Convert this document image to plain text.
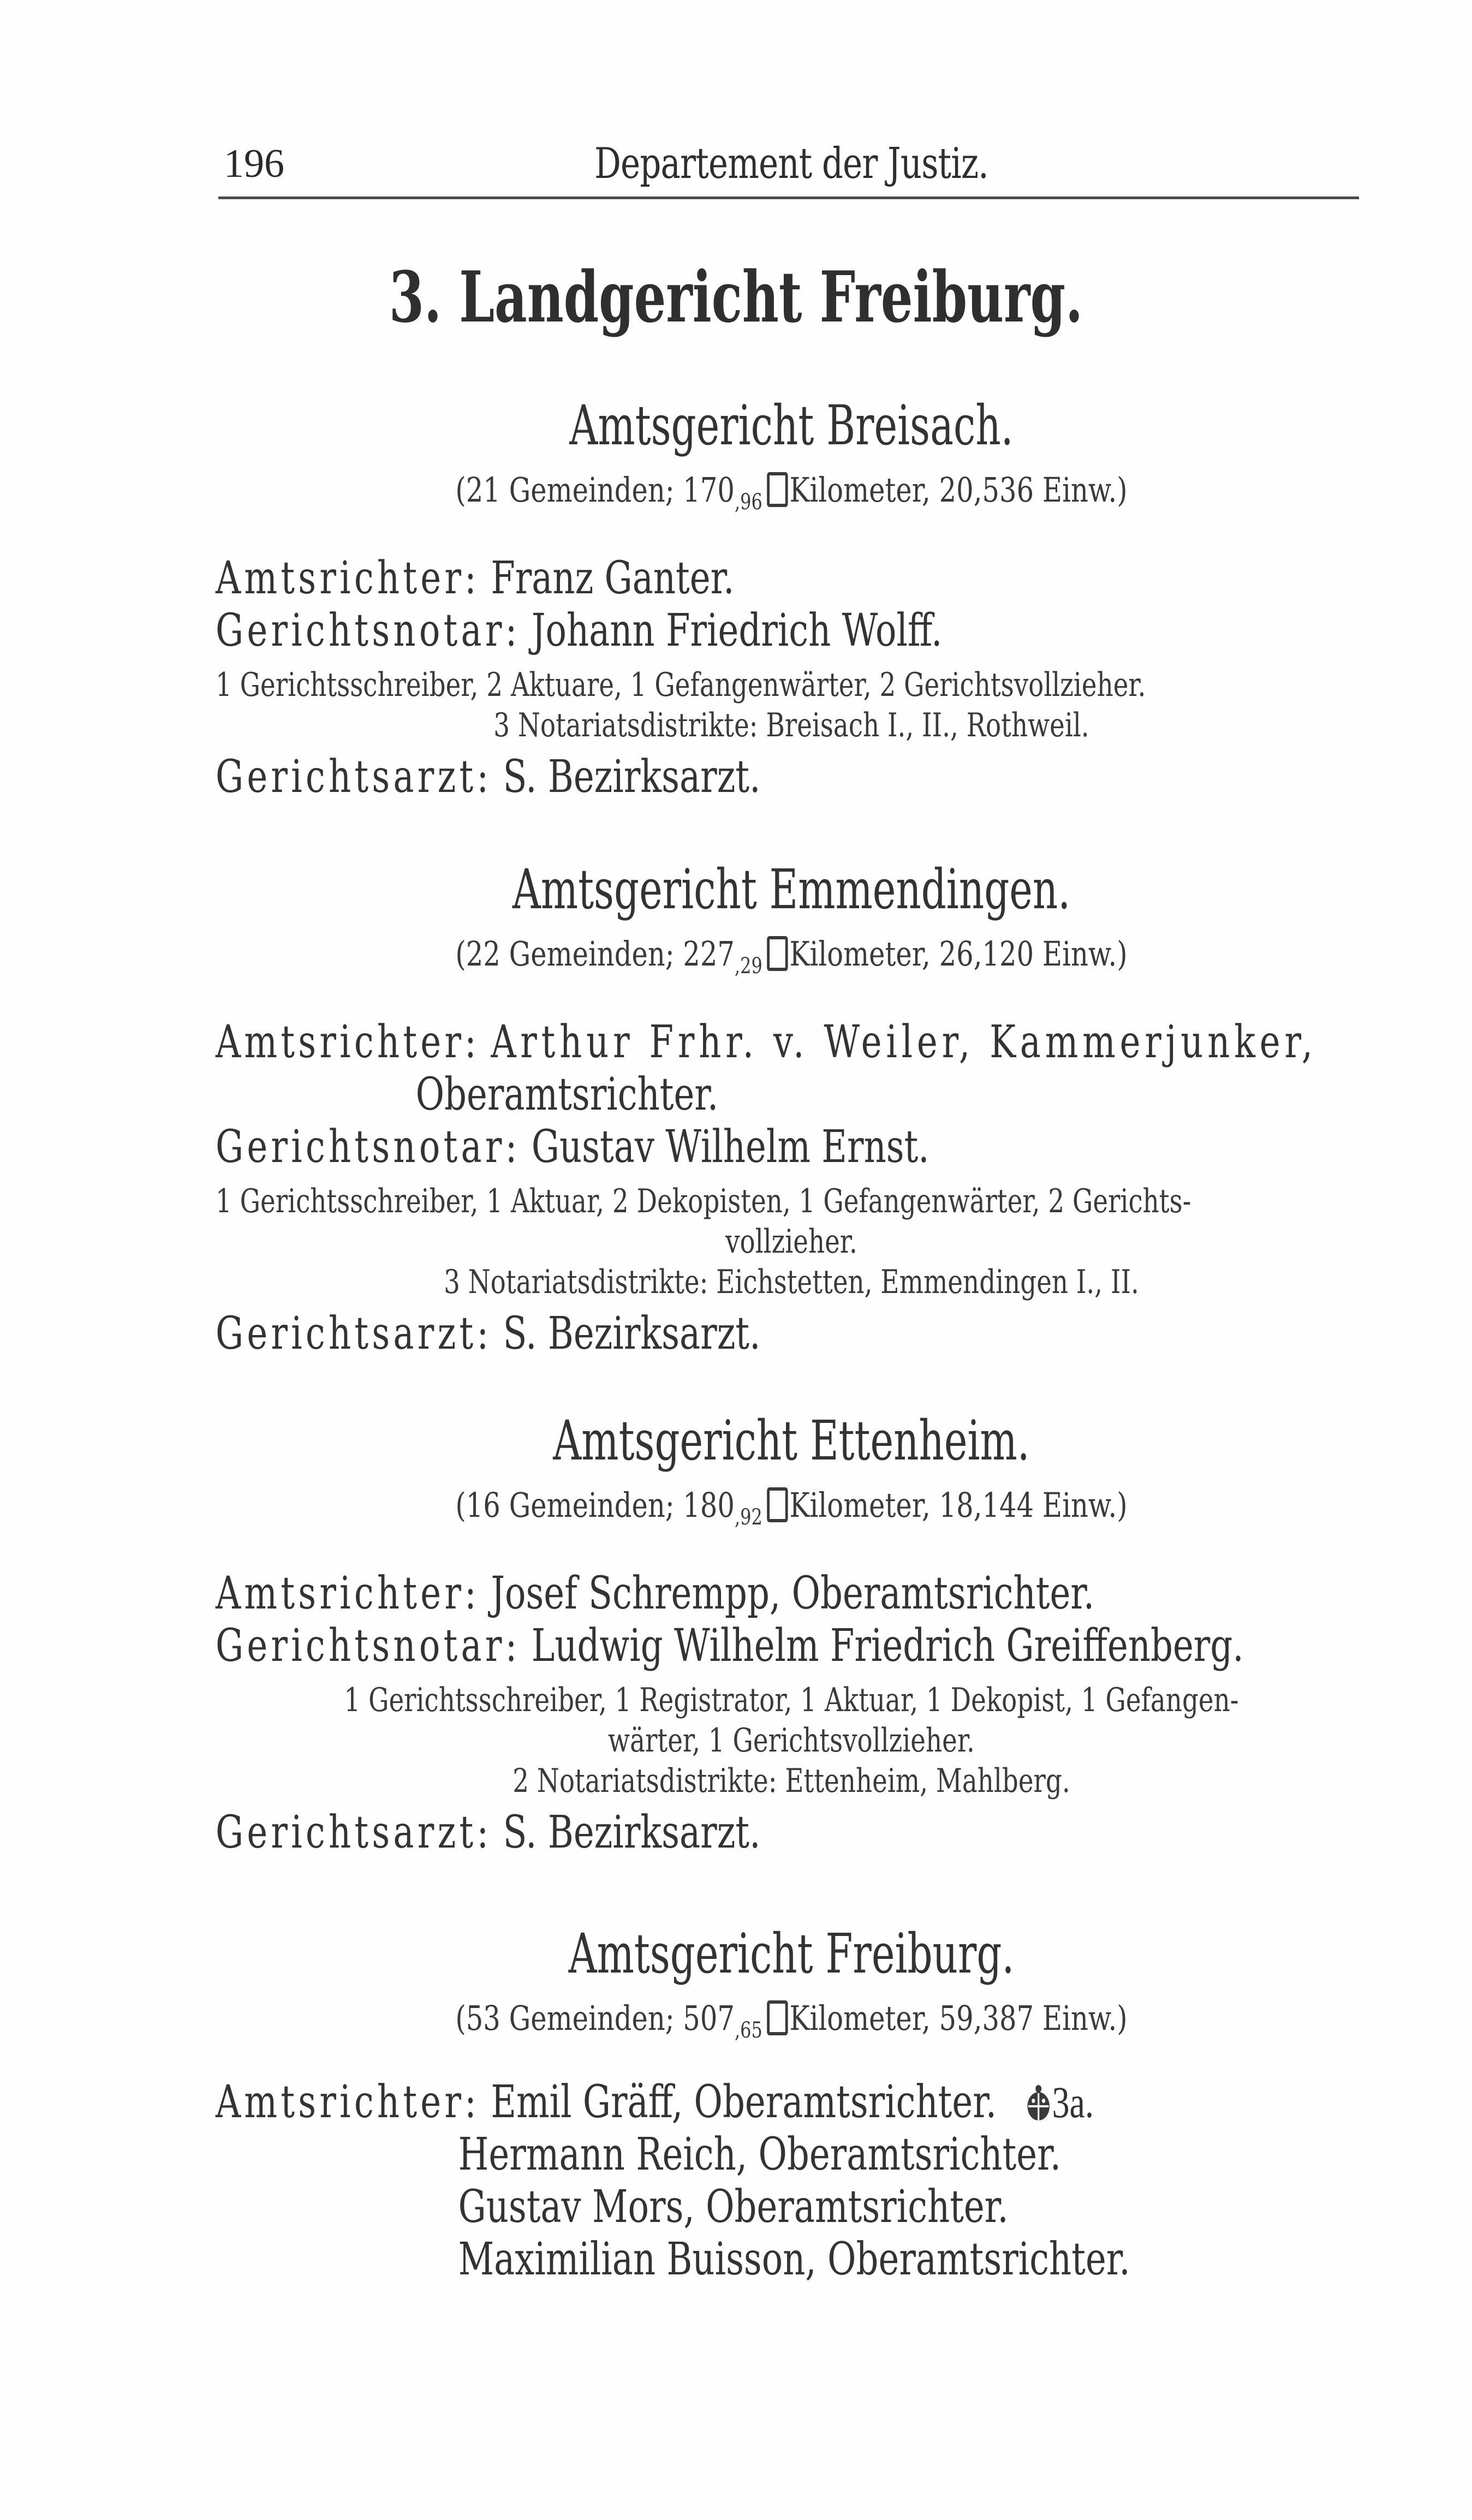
196	Departement der Justiz.
3. Landgericht Freiburg.
Amtsgericht Breisach.
(21 Gemeinden; $170_{,96}$ Kilometer, 20,536 Einw.)
Amtsrichter: Franz Ganter.
Gerichtsnotar: Johann Friedrich Wolff.
1 Gerichtsschreiber, 2 Aktuare, 1 Gefangenwärter, 2 Gerichtsvollzieher.
3 Notariatsdistrikte: Breisach I., II., Rothweil.
Gerichtsarzt: S. Bezirksarzt.
Amtsgericht Emmendingen.
(22 Gemeinden; $227_{,29}$ Kilometer, 26,120 Einw.)
Amtsrichter: Arthur Frhr. v. Weiler, Kammerjunker,
Oberamtsrichter.
Gerichtsnotar: Gustav Wilhelm Ernst.
1 Gerichtsschreiber, 1 Aktuar, 2 Dekopisten, 1 Gefangenwärter, 2 Gerichts-
vollzieher.
3 Notariatsdistrikte: Eichstetten, Emmendingen I., II.
Gerichtsarzt: S. Bezirksarzt.
Amtsgericht Ettenheim.
(16 Gemeinden; $180_{,92}$ Kilometer, 18,144 Einw.)
Amtsrichter: Josef Schrempp, Oberamtsrichter.
Gerichtsnotar: Ludwig Wilhelm Friedrich Greiffenberg.
1 Gerichtsschreiber, 1 Registrator, 1 Aktuar, 1 Dekopist, 1 Gefangen-
wärter, 1 Gerichtsvollzieher.
2 Notariatsdistrikte: Ettenheim, Mahlberg.
Gerichtsarzt: S. Bezirksarzt.
Amtsgericht Freiburg.
(53 Gemeinden; $507_{,65}$ Kilometer, 59,387 Einw.)
Amtsrichter: Emil Gräff, Oberamtsrichter. 3a.
Hermann Reich, Oberamtsrichter.
Gustav Mors, Oberamtsrichter.
Maximilian Buisson, Oberamtsrichter.
